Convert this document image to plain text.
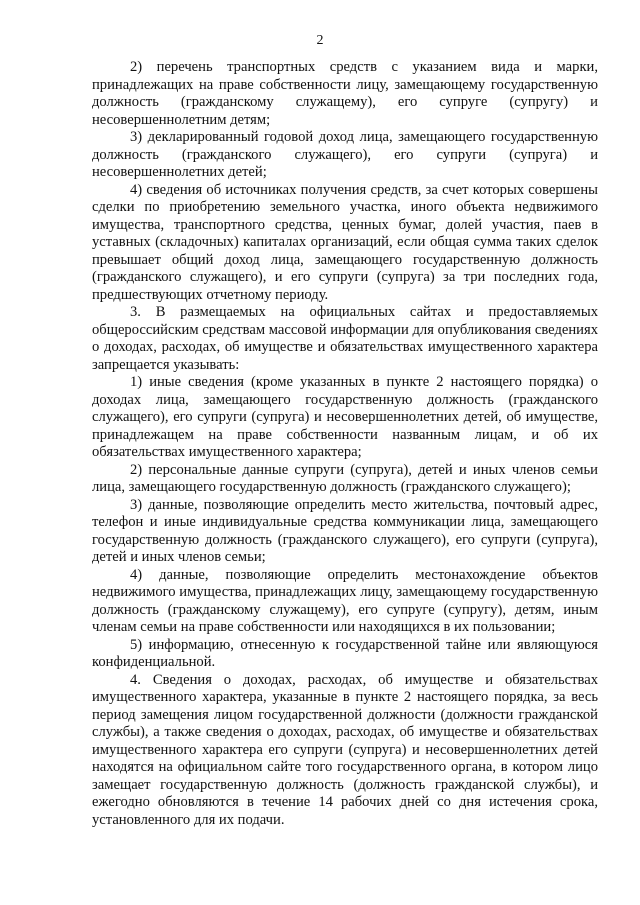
2

2) перечень транспортных средств с указанием вида и марки, принадлежащих на праве собственности лицу, замещающему государственную должность (гражданскому служащему), его супруге (супругу) и несовершеннолетним детям;

3) декларированный годовой доход лица, замещающего государственную должность (гражданского служащего), его супруги (супруга) и несовершеннолетних детей;

4) сведения об источниках получения средств, за счет которых совершены сделки по приобретению земельного участка, иного объекта недвижимого имущества, транспортного средства, ценных бумаг, долей участия, паев в уставных (складочных) капиталах организаций, если общая сумма таких сделок превышает общий доход лица, замещающего государственную должность (гражданского служащего), и его супруги (супруга) за три последних года, предшествующих отчетному периоду.

3. В размещаемых на официальных сайтах и предоставляемых общероссийским средствам массовой информации для опубликования сведениях о доходах, расходах, об имуществе и обязательствах имущественного характера запрещается указывать:

1) иные сведения (кроме указанных в пункте 2 настоящего порядка) о доходах лица, замещающего государственную должность (гражданского служащего), его супруги (супруга) и несовершеннолетних детей, об имуществе, принадлежащем на праве собственности названным лицам, и об их обязательствах имущественного характера;

2) персональные данные супруги (супруга), детей и иных членов семьи лица, замещающего государственную должность (гражданского служащего);

3) данные, позволяющие определить место жительства, почтовый адрес, телефон и иные индивидуальные средства коммуникации лица, замещающего государственную должность (гражданского служащего), его супруги (супруга), детей и иных членов семьи;

4) данные, позволяющие определить местонахождение объектов недвижимого имущества, принадлежащих лицу, замещающему государственную должность (гражданскому служащему), его супруге (супругу), детям, иным членам семьи на праве собственности или находящихся в их пользовании;

5) информацию, отнесенную к государственной тайне или являющуюся конфиденциальной.

4. Сведения о доходах, расходах, об имуществе и обязательствах имущественного характера, указанные в пункте 2 настоящего порядка, за весь период замещения лицом государственной должности (должности гражданской службы), а также сведения о доходах, расходах, об имуществе и обязательствах имущественного характера его супруги (супруга) и несовершеннолетних детей находятся на официальном сайте того государственного органа, в котором лицо замещает государственную должность (должность гражданской службы), и ежегодно обновляются в течение 14 рабочих дней со дня истечения срока, установленного для их подачи.
